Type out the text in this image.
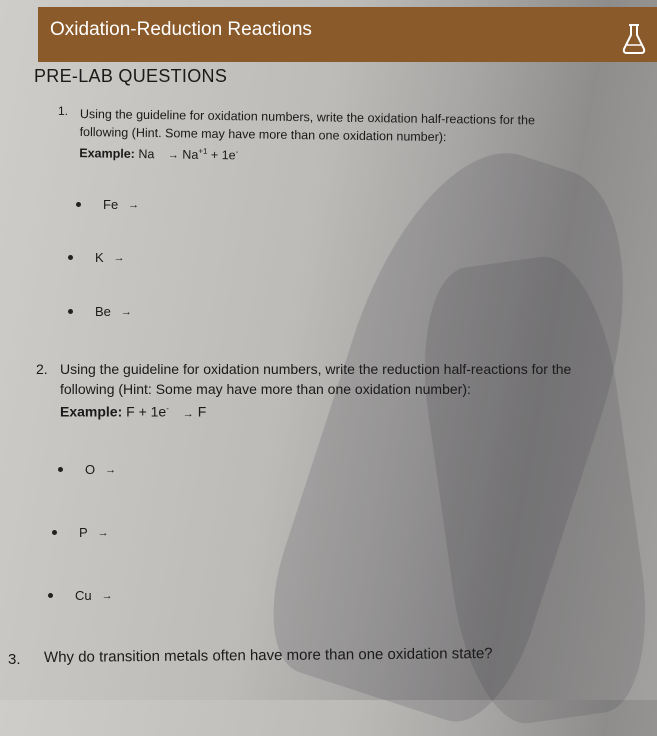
Oxidation-Reduction Reactions
PRE-LAB QUESTIONS
1. Using the guideline for oxidation numbers, write the oxidation half-reactions for the
following (Hint. Some may have more than one oxidation number):
Example: $Na \to Na^{+1} + 1e^-$
Fe →
K →
Be →
2. Using the guideline for oxidation numbers, write the reduction half-reactions for the
following (Hint: Some may have more than one oxidation number):
Example: F + 1e- → F
O →
P →
Cu →
3. Why do transition metals often have more than one oxidation state?
